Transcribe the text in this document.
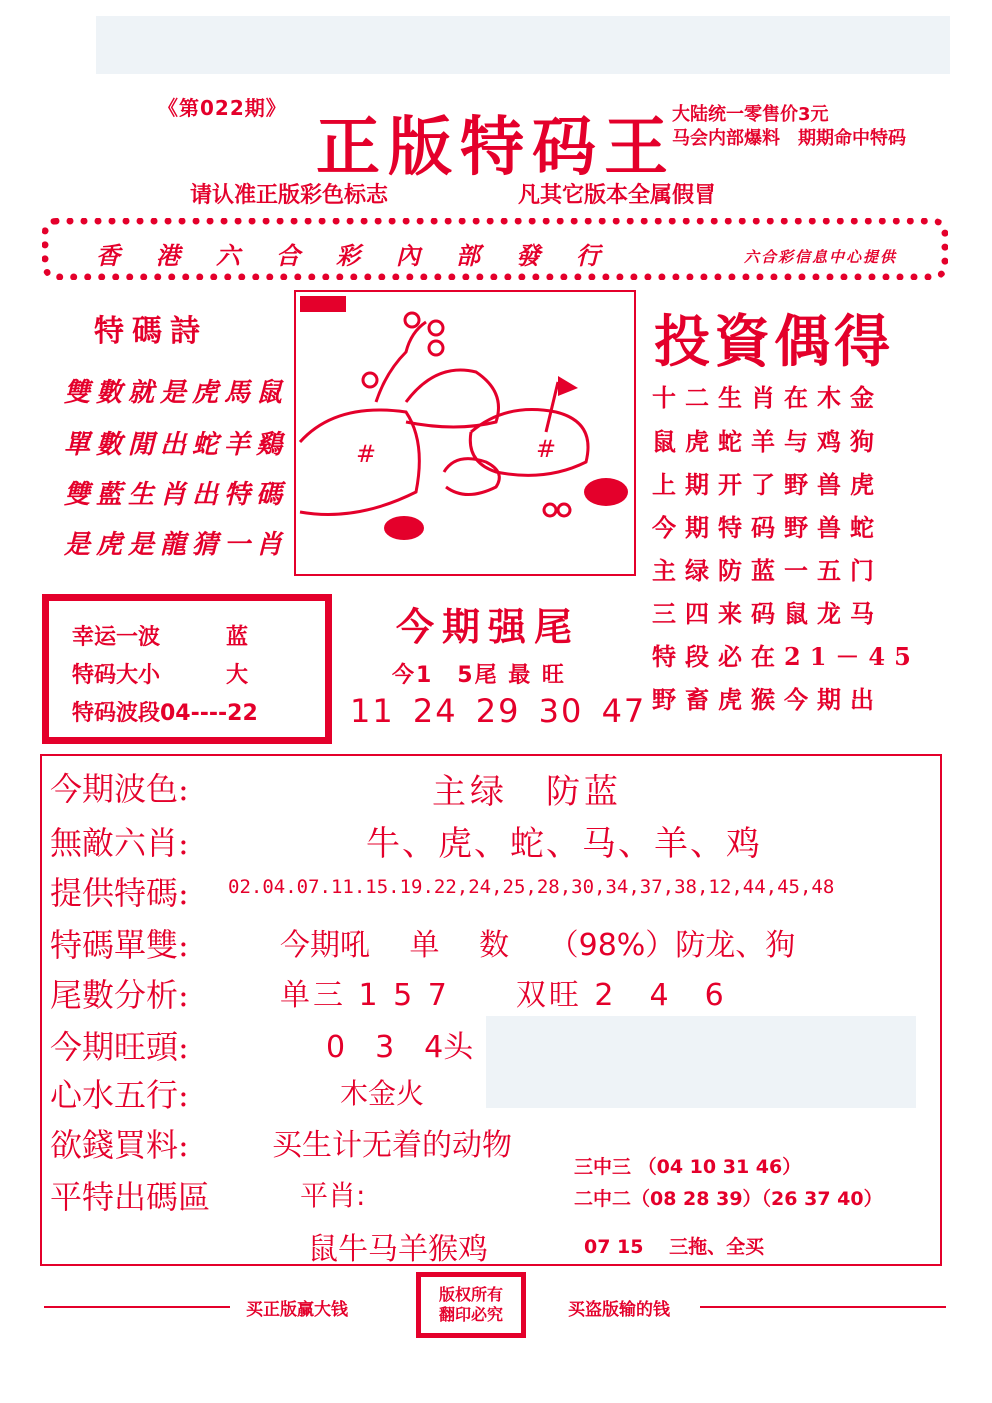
《第022期》
正版特码王
大陆统一零售价3元
马会内部爆料　期期命中特码
请认准正版彩色标志	凡其它版本全属假冒
香港六合彩內部發行	六合彩信息中心提供
特碼詩
雙數就是虎馬鼠
單數閒出蛇羊鷄
雙藍生肖出特碼
是虎是龍猜一肖
#	#
投資偶得
十二生肖在木金
鼠虎蛇羊与鸡狗
上期开了野兽虎
今期特码野兽蛇
主绿防蓝一五门
三四来码鼠龙马
特段必在21－45
野畜虎猴今期出
幸运一波	蓝
特码大小	大
特码波段04----22
今期强尾
今1　5尾 最 旺
11 24 29 30 47
今期波色:	主绿　防蓝
無敵六肖:	牛、虎、蛇、马、羊、鸡
提供特碼: 02.04.07.11.15.19.22,24,25,28,30,34,37,38,12,44,45,48
特碼單雙:	今期吼　 单　 数　 （98%）防龙、狗
尾數分析:	单三 1 5 7　　双旺 2　4　6
今期旺頭:	0　3　4头
心水五行:	木金火
欲錢買料:	买生计无着的动物
平特出碼區	平肖:
鼠牛马羊猴鸡
三中三 （04 10 31 46）
二中二（08 28 39）（26 37 40）
07 15　 三拖、全买
买正版赢大钱
版权所有
翻印必究	买盗版输的钱
